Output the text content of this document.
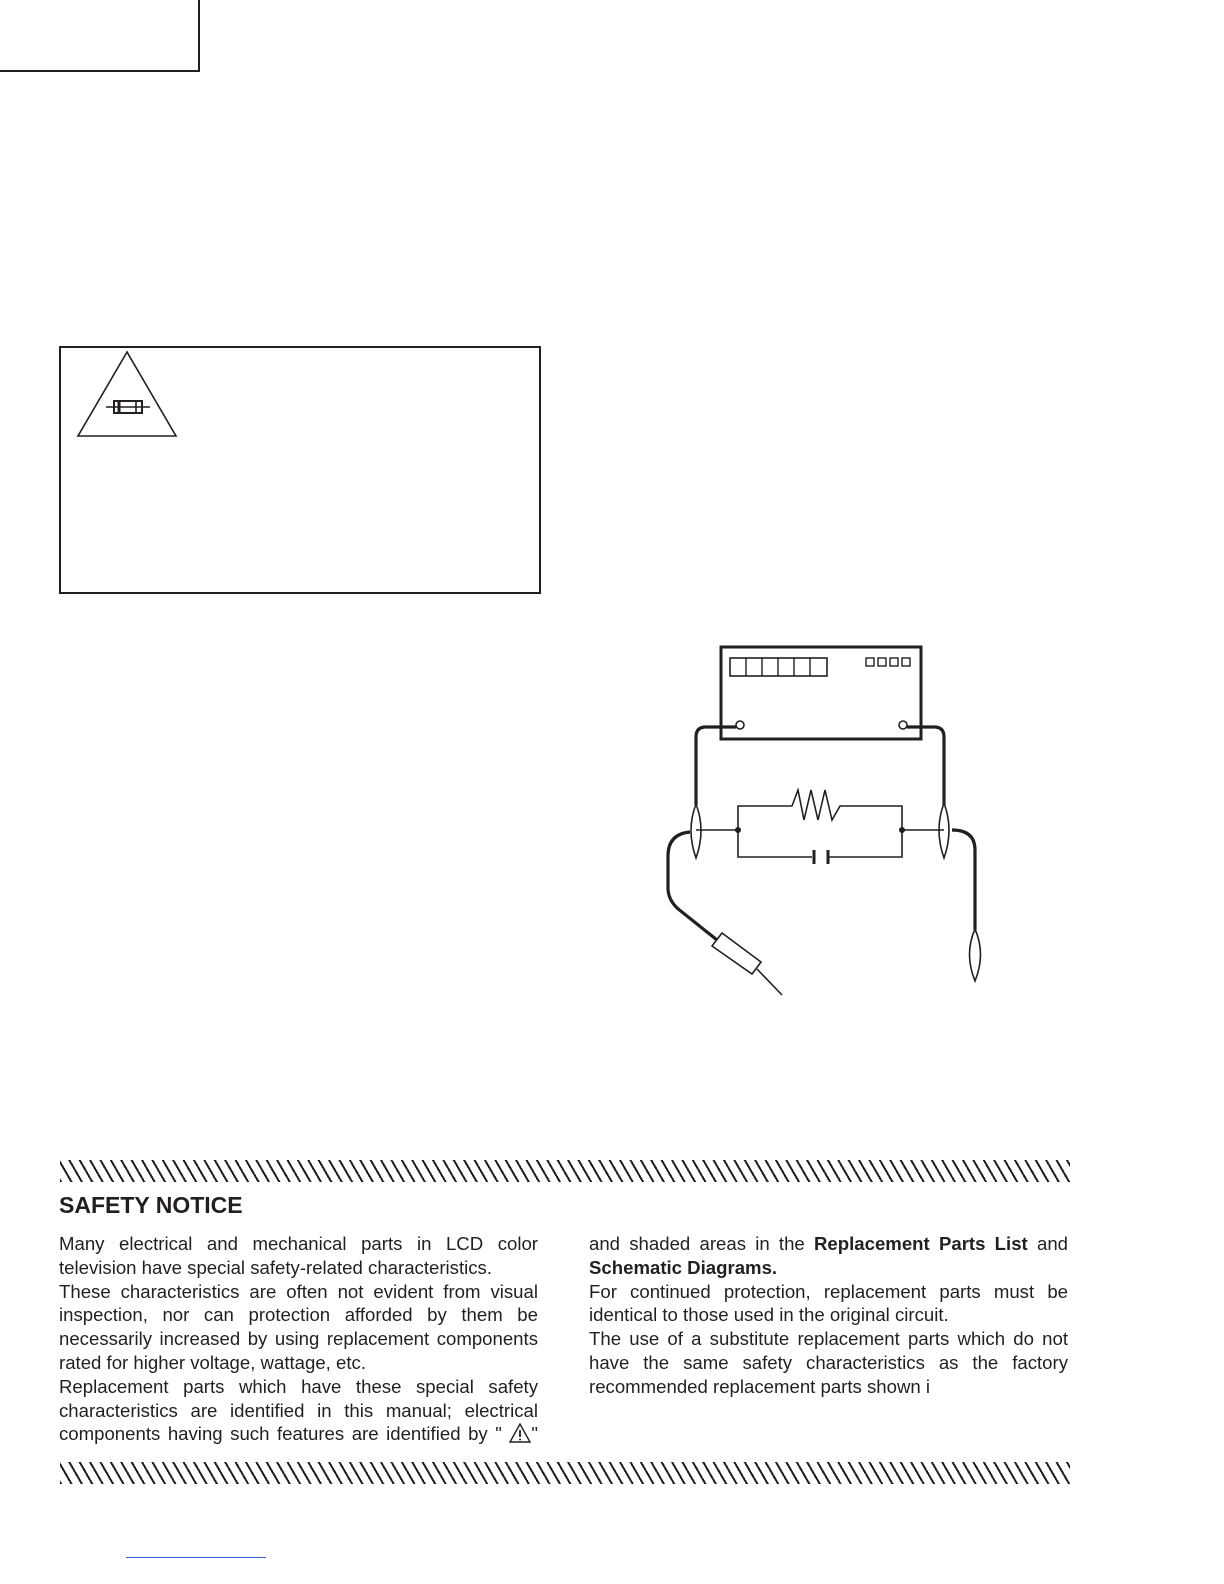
SAFETY NOTICE

Many electrical and mechanical parts in LCD color

television have special safety-related characteristics.

These characteristics are often not evident from visual

inspection, nor can protection afforded by them be

necessarily increased by using replacement components

rated for higher voltage, wattage, etc.

Replacement parts which have these special safety

characteristics are identified in this manual; electrical

components having such features are identified by " "

and shaded areas in the Replacement Parts List and

Schematic Diagrams.

For continued protection, replacement parts must be

identical to those used in the original circuit.

The use of a substitute replacement parts which do not

have the same safety characteristics as the factory

recommended replacement parts shown i
